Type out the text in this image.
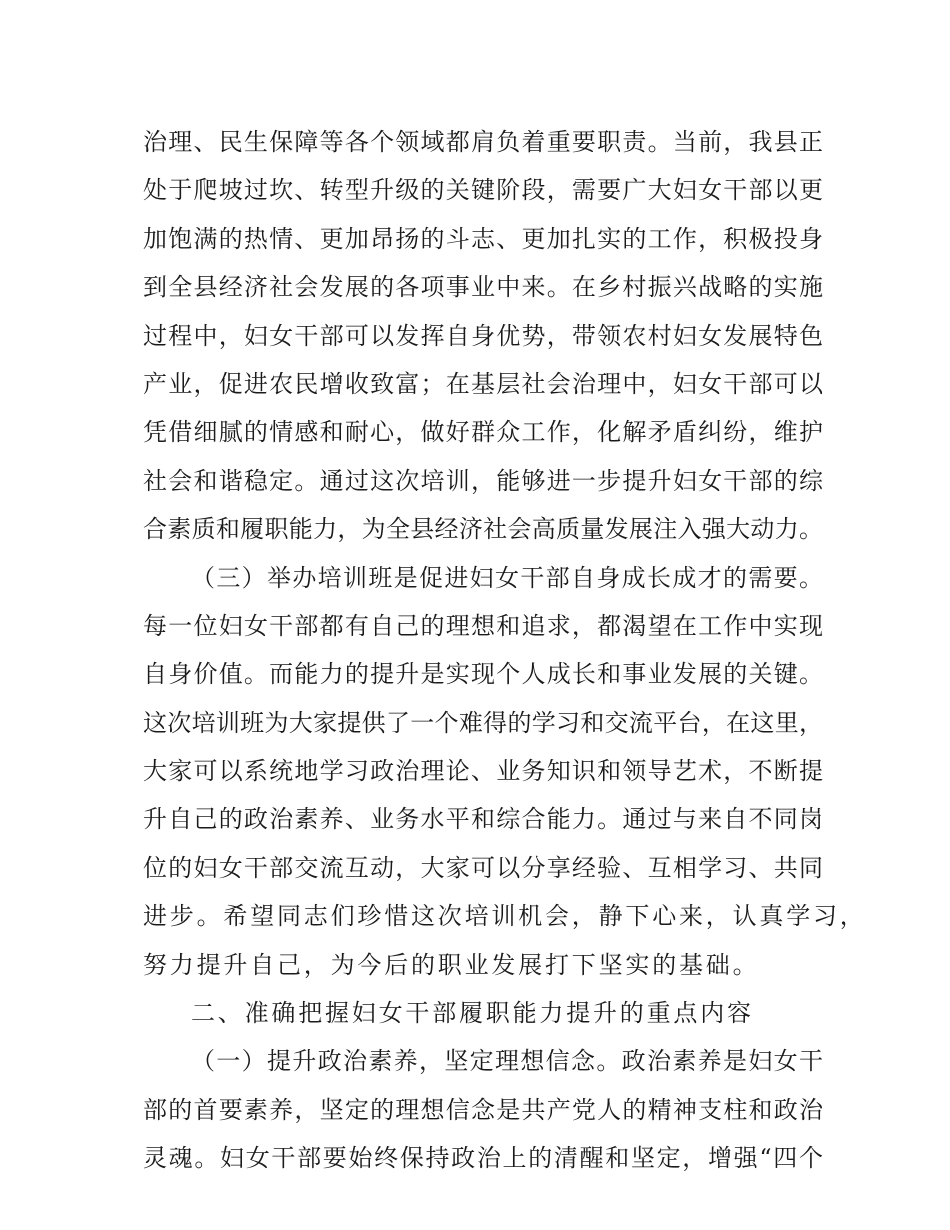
治理、民生保障等各个领域都肩负着重要职责。当前，我县正
处于爬坡过坎、转型升级的关键阶段，需要广大妇女干部以更
加饱满的热情、更加昂扬的斗志、更加扎实的工作，积极投身
到全县经济社会发展的各项事业中来。在乡村振兴战略的实施
过程中，妇女干部可以发挥自身优势，带领农村妇女发展特色
产业，促进农民增收致富；在基层社会治理中，妇女干部可以
凭借细腻的情感和耐心，做好群众工作，化解矛盾纠纷，维护
社会和谐稳定。通过这次培训，能够进一步提升妇女干部的综
合素质和履职能力，为全县经济社会高质量发展注入强大动力。
（三）举办培训班是促进妇女干部自身成长成才的需要。
每一位妇女干部都有自己的理想和追求，都渴望在工作中实现
自身价值。而能力的提升是实现个人成长和事业发展的关键。
这次培训班为大家提供了一个难得的学习和交流平台，在这里，
大家可以系统地学习政治理论、业务知识和领导艺术，不断提
升自己的政治素养、业务水平和综合能力。通过与来自不同岗
位的妇女干部交流互动，大家可以分享经验、互相学习、共同
进步。希望同志们珍惜这次培训机会，静下心来，认真学习，
努力提升自己，为今后的职业发展打下坚实的基础。
二、准确把握妇女干部履职能力提升的重点内容
（一）提升政治素养，坚定理想信念。政治素养是妇女干
部的首要素养，坚定的理想信念是共产党人的精神支柱和政治
灵魂。妇女干部要始终保持政治上的清醒和坚定，增强“四个
